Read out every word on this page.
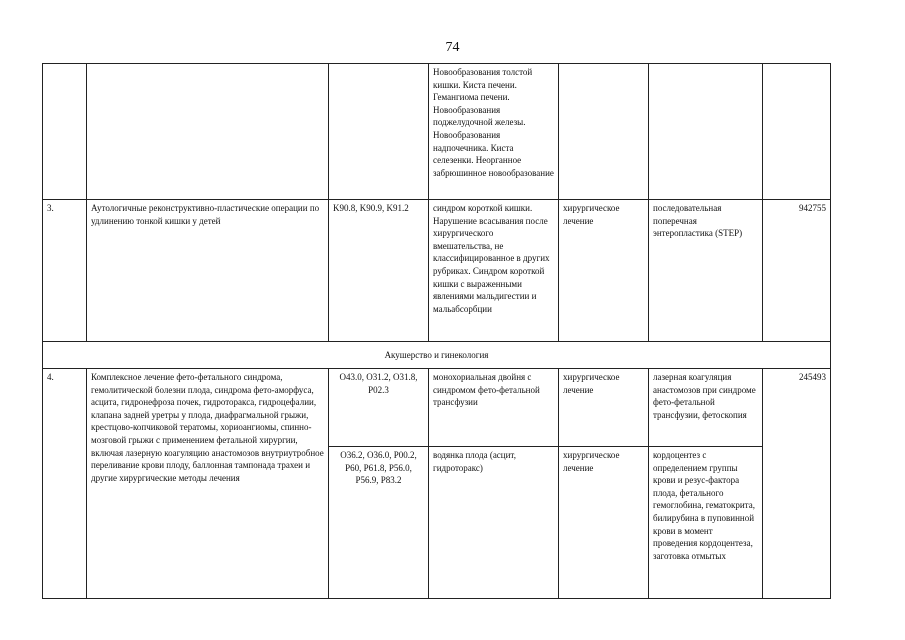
74
			Новообразования толстой кишки. Киста печени. Гемангиома печени. Новообразования поджелудочной железы. Новообразования надпочечника. Киста селезенки. Неорганное забрюшинное новообразование			
3.	Аутологичные реконструктивно-пластические операции по удлинению тонкой кишки у детей	K90.8, K90.9, K91.2	синдром короткой кишки. Нарушение всасывания после хирургического вмешательства, не классифицированное в других рубриках. Синдром короткой кишки с выраженными явлениями мальдигестии и мальабсорбции	хирургическое лечение	последовательная поперечная энтеропластика (STEP)	942755
Акушерство и гинекология						
4.	Комплексное лечение фето-фетального синдрома, гемолитической болезни плода, синдрома фето-аморфуса, асцита, гидронефроза почек, гидроторакса, гидроцефалии, клапана задней уретры у плода, диафрагмальной грыжи, крестцово-копчиковой тератомы, хориоангиомы, спинно-мозговой грыжи с применением фетальной хирургии, включая лазерную коагуляцию анастомозов внутриутробное переливание крови плоду, баллонная тампонада трахеи и другие хирургические методы лечения	O43.0, O31.2, O31.8, P02.3	монохориальная двойня с синдромом фето-фетальной трансфузии	хирургическое лечение	лазерная коагуляция анастомозов при синдроме фето-фетальной трансфузии, фетоскопия	245493
		O36.2, O36.0, P00.2, P60, P61.8, P56.0, P56.9, P83.2	водянка плода (асцит, гидроторакс)	хирургическое лечение	кордоцентез с определением группы крови и резус-фактора плода, фетального гемоглобина, гематокрита, билирубина в пуповинной крови в момент проведения кордоцентеза, заготовка отмытых	
